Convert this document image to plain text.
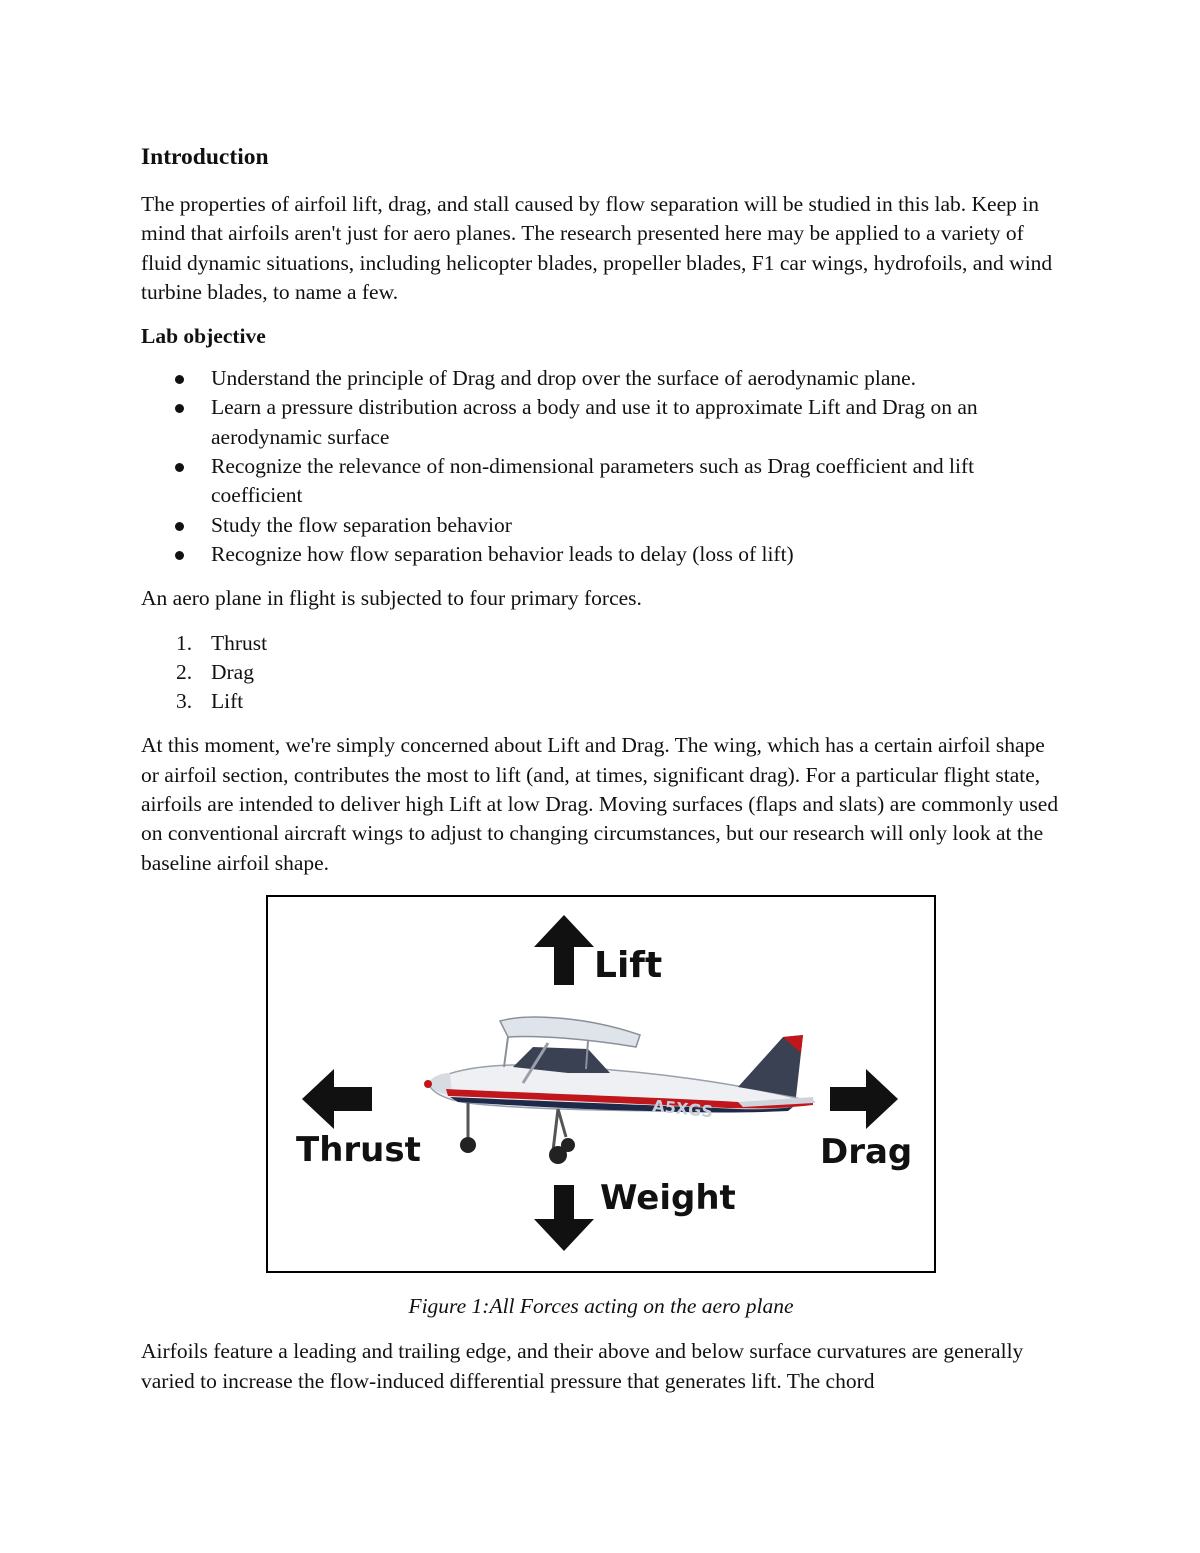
Introduction

The properties of airfoil lift, drag, and stall caused by flow separation will be studied in this lab. Keep in mind that airfoils aren't just for aero planes. The research presented here may be applied to a variety of fluid dynamic situations, including helicopter blades, propeller blades, F1 car wings, hydrofoils, and wind turbine blades, to name a few.

Lab objective
Understand the principle of Drag and drop over the surface of aerodynamic plane.
Learn a pressure distribution across a body and use it to approximate Lift and Drag on an aerodynamic surface
Recognize the relevance of non-dimensional parameters such as Drag coefficient and lift coefficient
Study the flow separation behavior
Recognize how flow separation behavior leads to delay (loss of lift)

An aero plane in flight is subjected to four primary forces.

1. Thrust
2. Drag
3. Lift

At this moment, we're simply concerned about Lift and Drag. The wing, which has a certain airfoil shape or airfoil section, contributes the most to lift (and, at times, significant drag). For a particular flight state, airfoils are intended to deliver high Lift at low Drag. Moving surfaces (flaps and slats) are commonly used on conventional aircraft wings to adjust to changing circumstances, but our research will only look at the baseline airfoil shape.

Lift
Thrust	Drag
Weight
A5XGS
Figure 1:All Forces acting on the aero plane

Airfoils feature a leading and trailing edge, and their above and below surface curvatures are generally varied to increase the flow-induced differential pressure that generates lift. The chord
